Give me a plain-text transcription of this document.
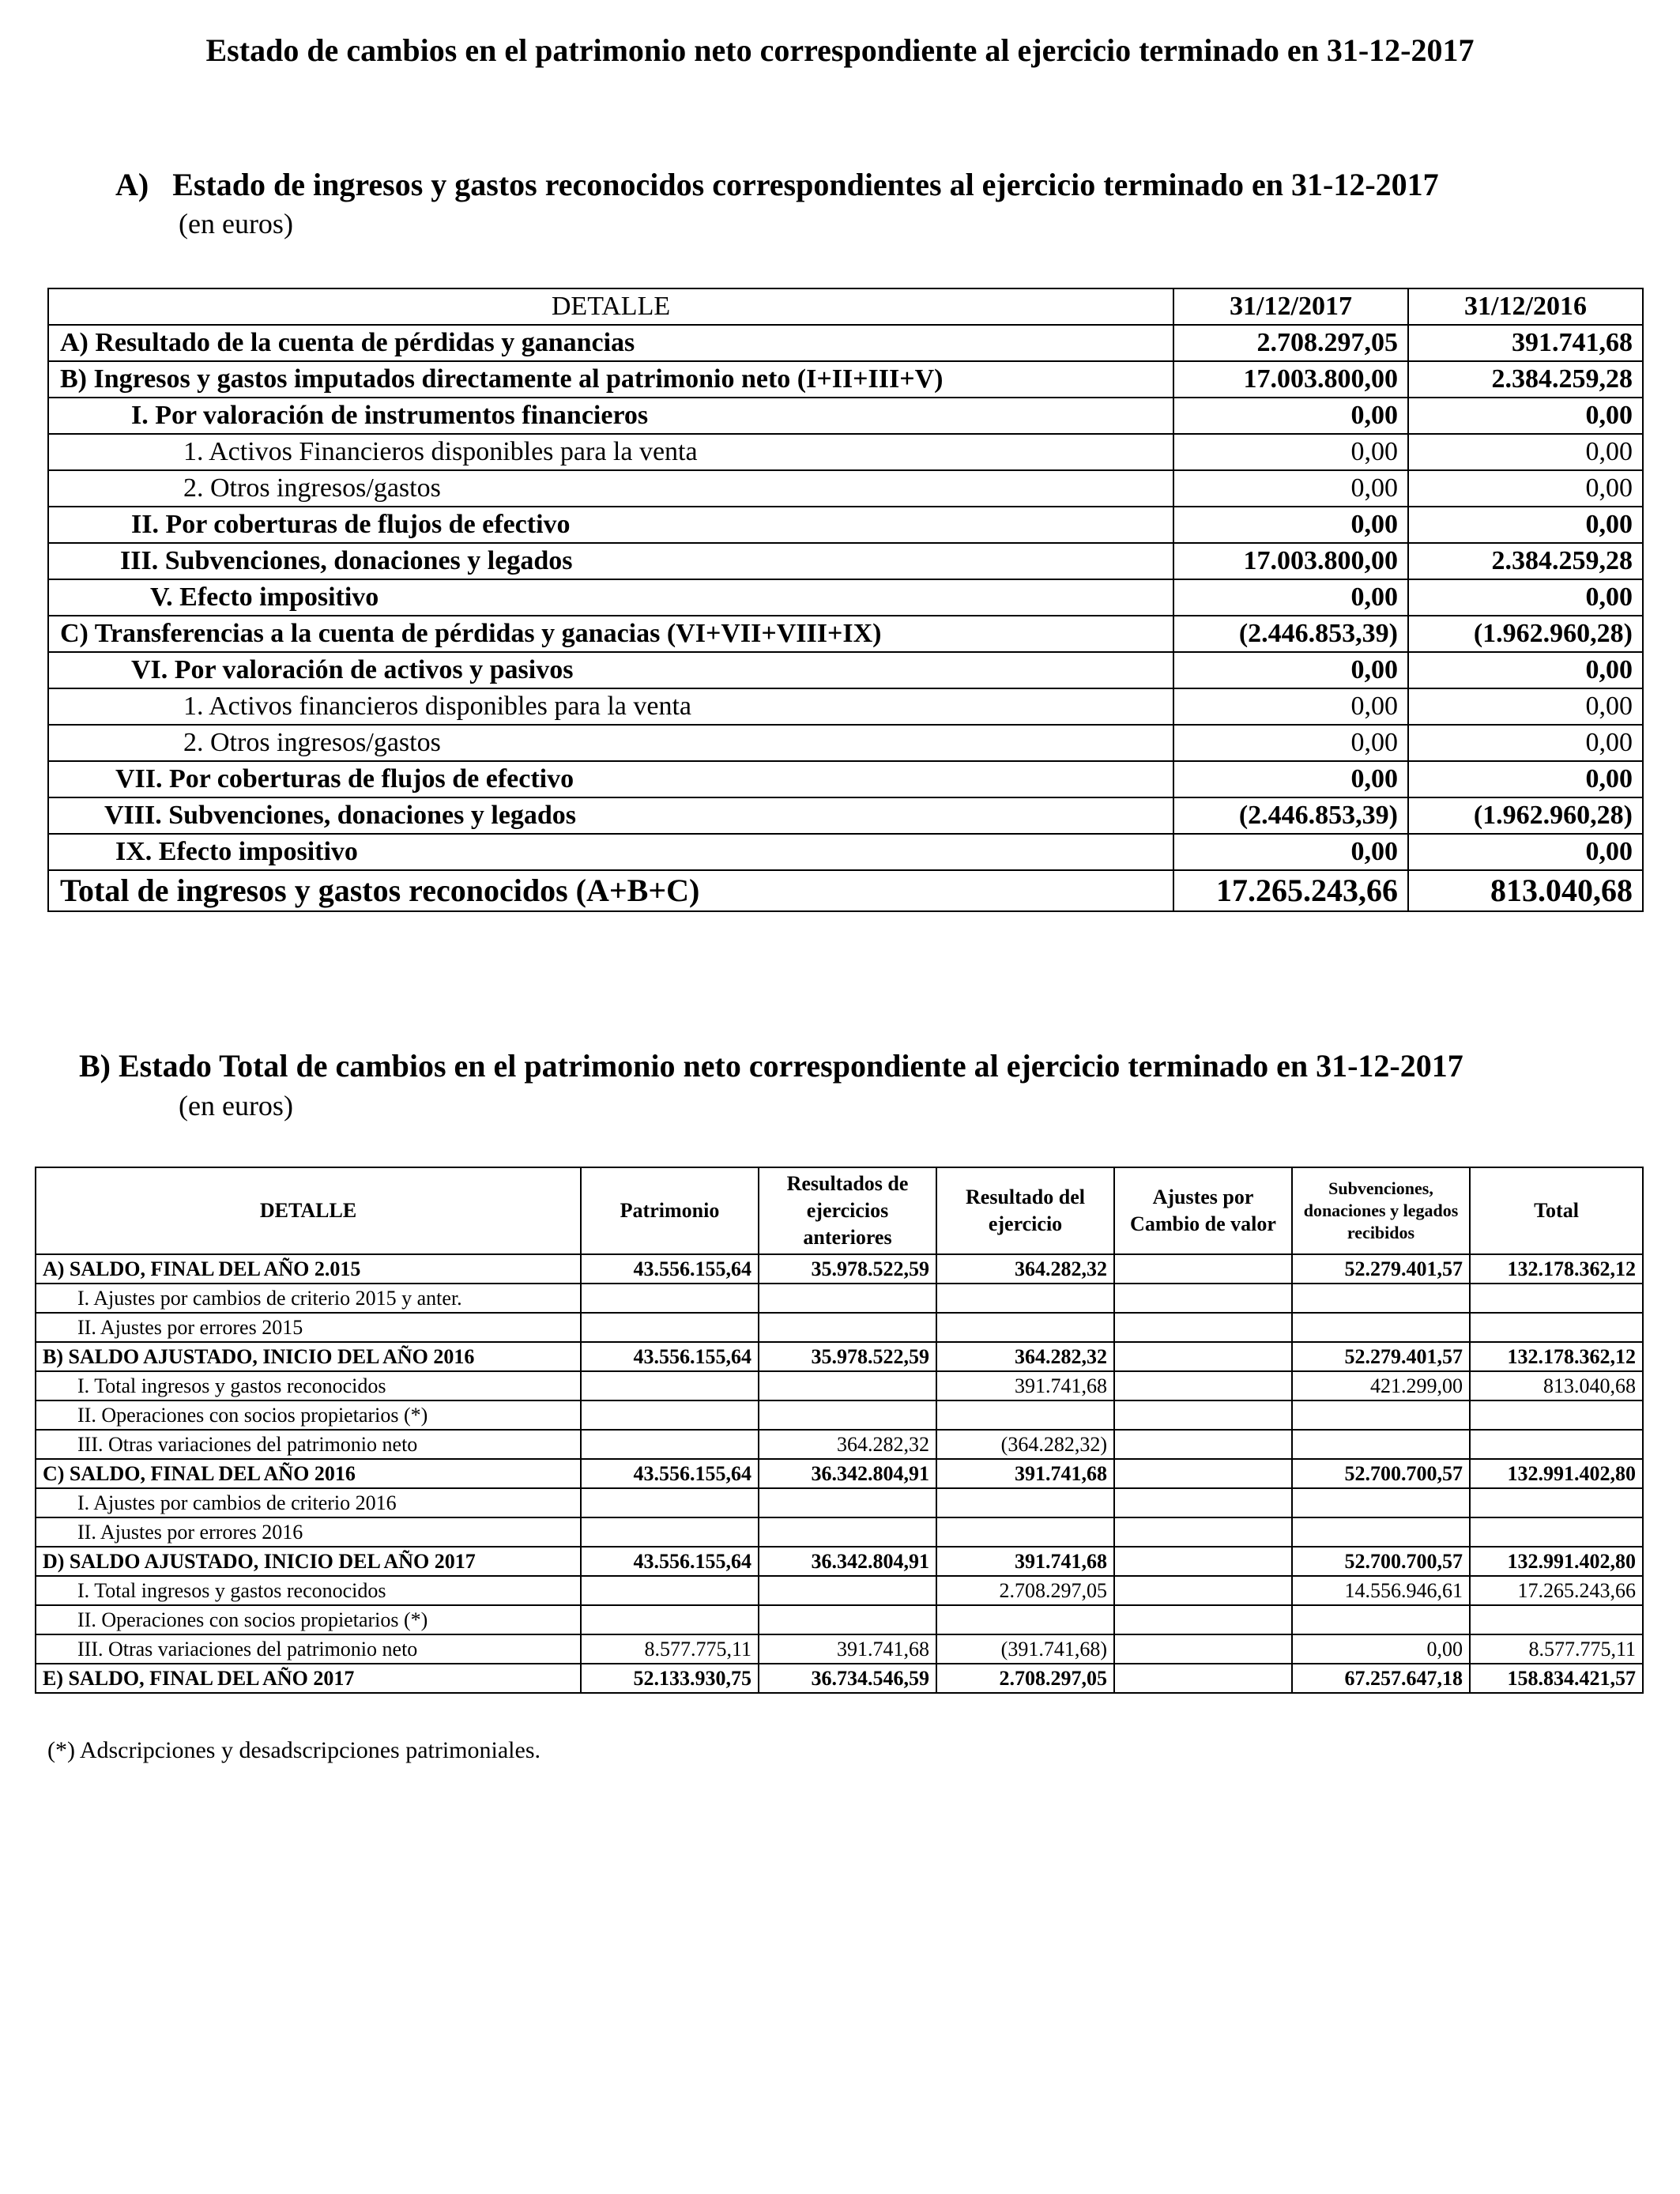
Estado de cambios en el patrimonio neto correspondiente al ejercicio terminado en 31-12-2017
A)   Estado de ingresos y gastos reconocidos correspondientes al ejercicio terminado en 31-12-2017
(en euros)
DETALLE	31/12/2017	31/12/2016
A) Resultado de la cuenta de pérdidas y ganancias	2.708.297,05	391.741,68
B) Ingresos y gastos imputados directamente al patrimonio neto (I+II+III+V)	17.003.800,00	2.384.259,28
I. Por valoración de instrumentos financieros	0,00	0,00
1. Activos Financieros disponibles para la venta	0,00	0,00
2. Otros ingresos/gastos	0,00	0,00
II. Por coberturas de flujos de efectivo	0,00	0,00
III. Subvenciones, donaciones y legados	17.003.800,00	2.384.259,28
V. Efecto impositivo	0,00	0,00
C) Transferencias a la cuenta de pérdidas y ganacias (VI+VII+VIII+IX)	(2.446.853,39)	(1.962.960,28)
VI. Por valoración de activos y pasivos	0,00	0,00
1. Activos financieros disponibles para la venta	0,00	0,00
2. Otros ingresos/gastos	0,00	0,00
VII. Por coberturas de flujos de efectivo	0,00	0,00
VIII. Subvenciones, donaciones y legados	(2.446.853,39)	(1.962.960,28)
IX. Efecto impositivo	0,00	0,00
Total de ingresos y gastos reconocidos (A+B+C)	17.265.243,66	813.040,68
B) Estado Total de cambios en el patrimonio neto correspondiente al ejercicio terminado en 31-12-2017
(en euros)
DETALLE	Patrimonio	Resultados de ejercicios anteriores	Resultado del ejercicio	Ajustes por Cambio de valor	Subvenciones, donaciones y legados recibidos	Total
A) SALDO, FINAL DEL AÑO 2.015	43.556.155,64	35.978.522,59	364.282,32		52.279.401,57	132.178.362,12
I. Ajustes por cambios de criterio 2015 y anter.						
II. Ajustes por errores 2015						
B) SALDO AJUSTADO, INICIO DEL AÑO 2016	43.556.155,64	35.978.522,59	364.282,32		52.279.401,57	132.178.362,12
I. Total ingresos y gastos reconocidos			391.741,68		421.299,00	813.040,68
II. Operaciones con socios propietarios (*)						
III. Otras variaciones del patrimonio neto		364.282,32	(364.282,32)			
C) SALDO, FINAL DEL AÑO 2016	43.556.155,64	36.342.804,91	391.741,68		52.700.700,57	132.991.402,80
I. Ajustes por cambios de criterio 2016						
II. Ajustes por errores 2016						
D) SALDO AJUSTADO, INICIO DEL AÑO 2017	43.556.155,64	36.342.804,91	391.741,68		52.700.700,57	132.991.402,80
I. Total ingresos y gastos reconocidos			2.708.297,05		14.556.946,61	17.265.243,66
II. Operaciones con socios propietarios (*)						
III. Otras variaciones del patrimonio neto	8.577.775,11	391.741,68	(391.741,68)		0,00	8.577.775,11
E) SALDO, FINAL DEL AÑO 2017	52.133.930,75	36.734.546,59	2.708.297,05		67.257.647,18	158.834.421,57
(*) Adscripciones y desadscripciones patrimoniales.
